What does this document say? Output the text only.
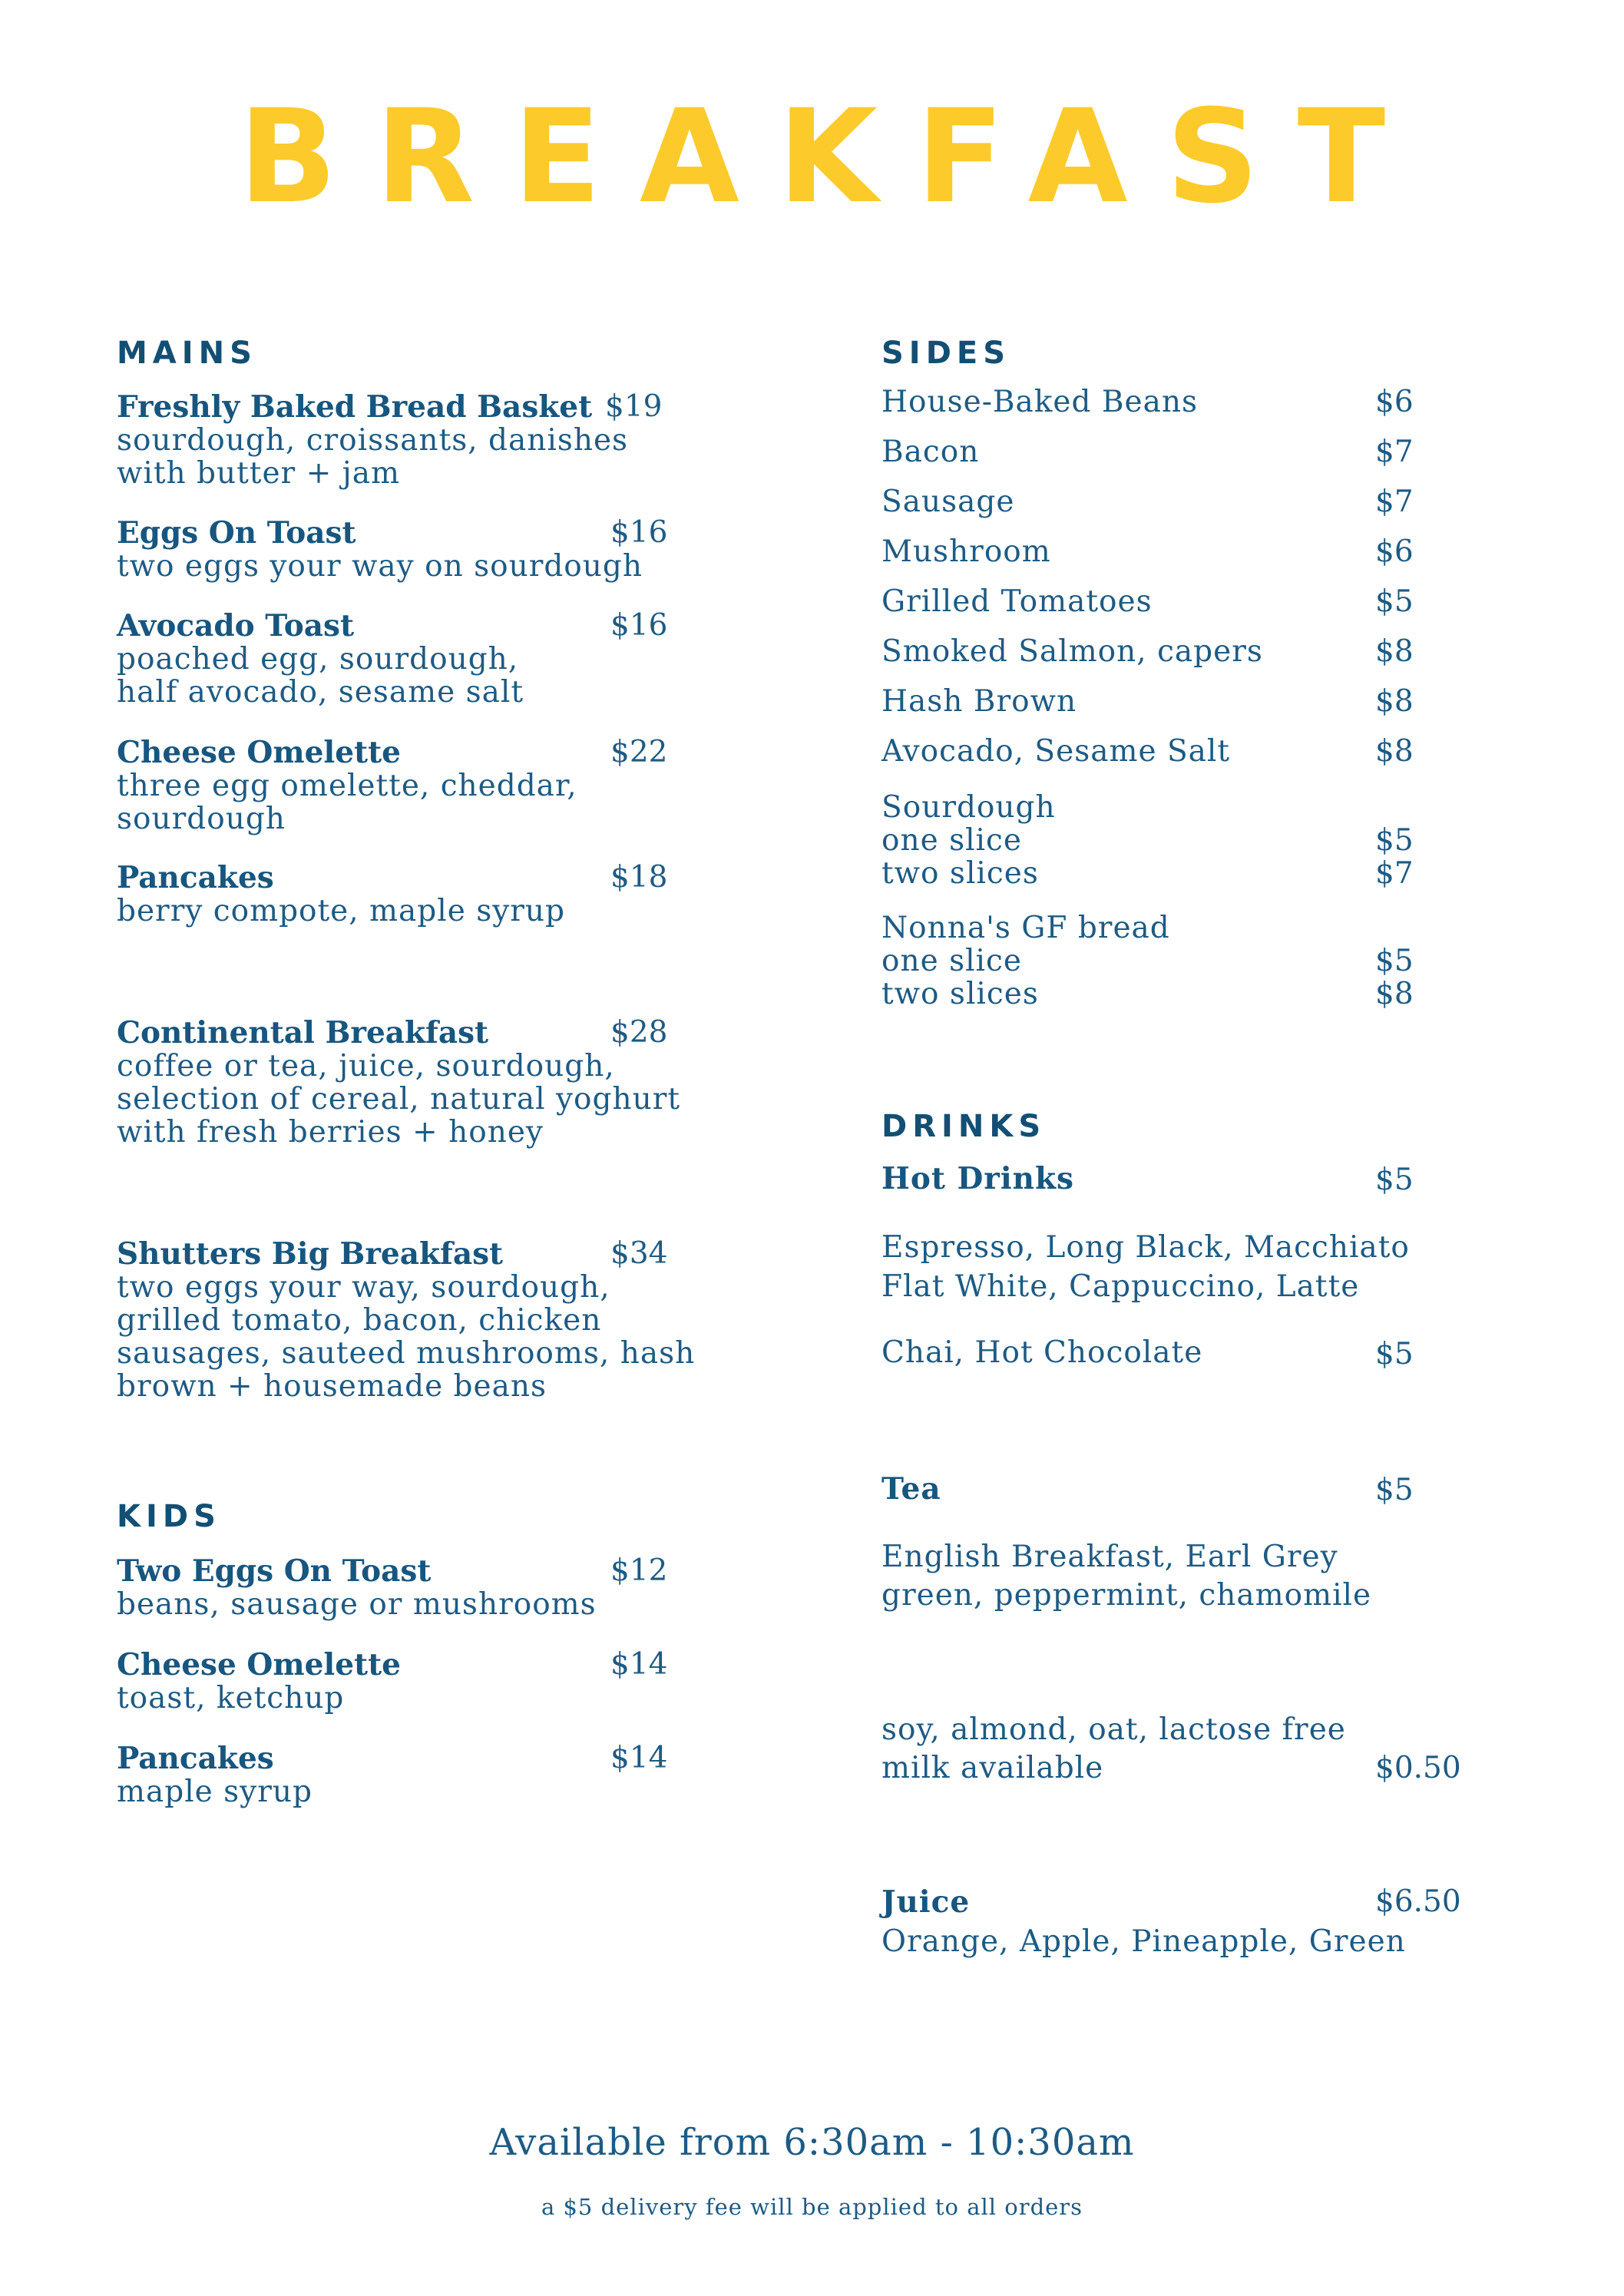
BREAKFAST
MAINS
Freshly Baked Bread Basket
sourdough, croissants, danishes
with butter + jam
$19
Eggs On Toast
two eggs your way on sourdough
$16
Avocado Toast
poached egg, sourdough,
half avocado, sesame salt
$16
Cheese Omelette
three egg omelette, cheddar,
sourdough
$22
Pancakes
berry compote, maple syrup
$18
Continental Breakfast
coffee or tea, juice, sourdough,
selection of cereal, natural yoghurt
with fresh berries + honey
$28
Shutters Big Breakfast
two eggs your way, sourdough,
grilled tomato, bacon, chicken
sausages, sauteed mushrooms, hash
brown + housemade beans
$34
KIDS
Two Eggs On Toast
beans, sausage or mushrooms
$12
Cheese Omelette
toast, ketchup
$14
Pancakes
maple syrup
$14
SIDES
House-Baked Beans	$6
Bacon	$7
Sausage	$7
Mushroom	$6
Grilled Tomatoes	$5
Smoked Salmon, capers	$8
Hash Brown	$8
Avocado, Sesame Salt	$8
Sourdough
one slice	$5
two slices	$7
Nonna's GF bread
one slice	$5
two slices	$8
DRINKS
Hot Drinks	$5
Espresso, Long Black, Macchiato
Flat White, Cappuccino, Latte
Chai, Hot Chocolate	$5
Tea	$5
English Breakfast, Earl Grey
green, peppermint, chamomile
soy, almond, oat, lactose free
milk available	$0.50
Juice	$6.50
Orange, Apple, Pineapple, Green
Available from 6:30am - 10:30am
a $5 delivery fee will be applied to all orders
